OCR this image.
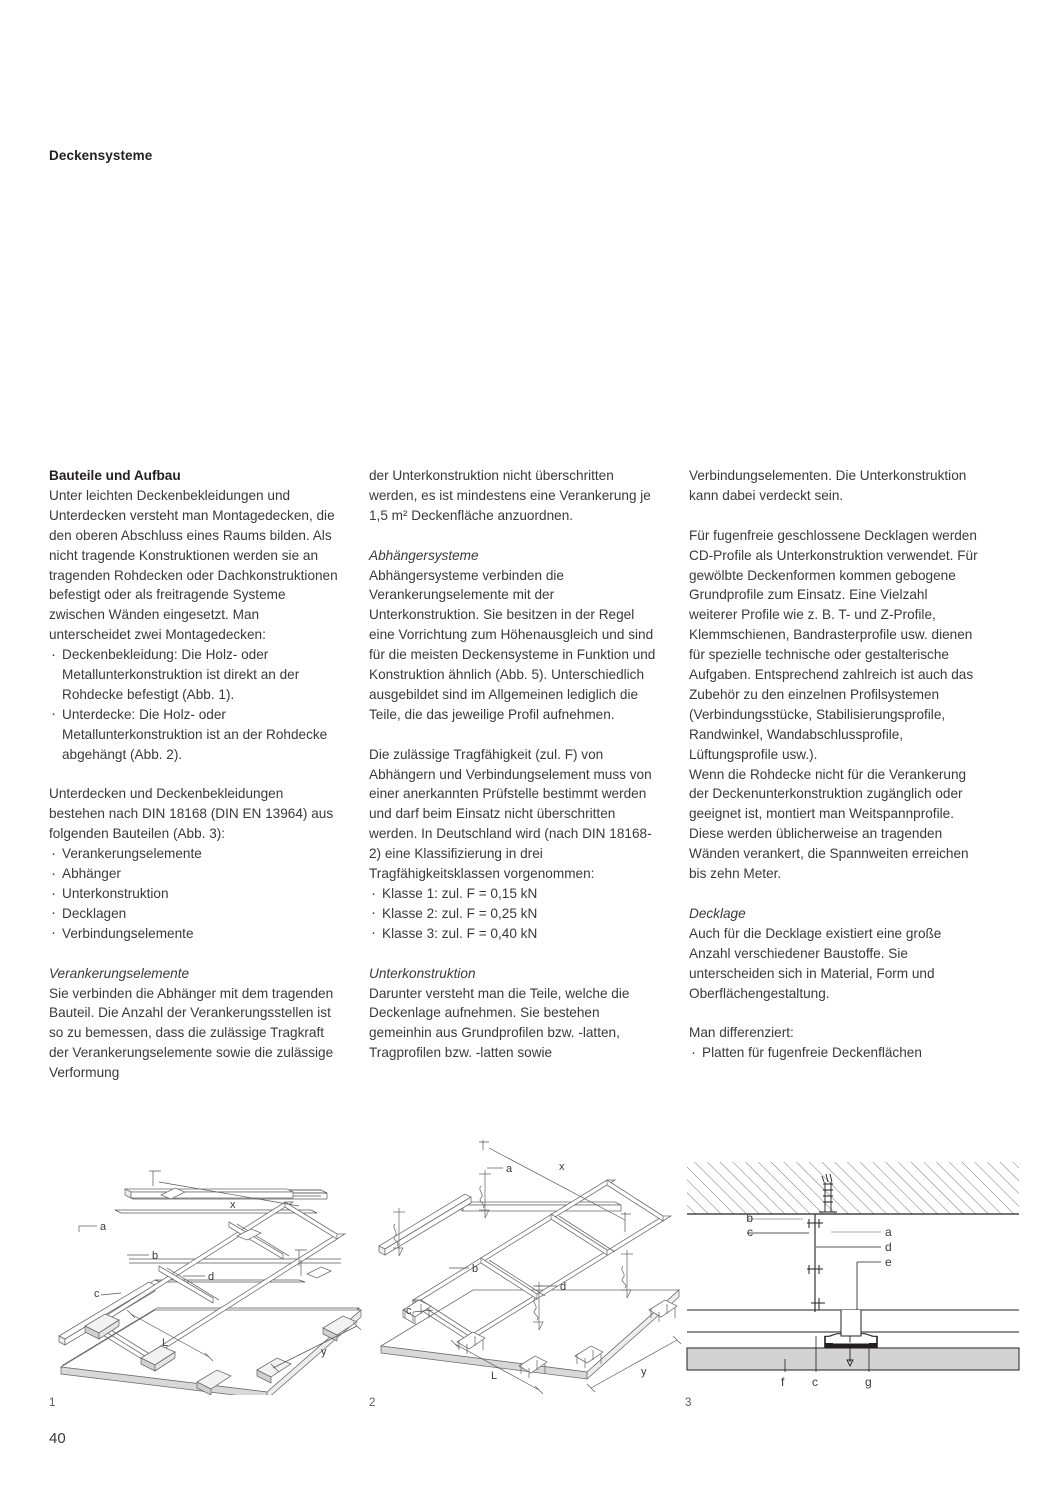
Deckensysteme

Bauteile und Aufbau

Unter leichten Deckenbekleidungen und Unterdecken versteht man Montagedecken, die den oberen Abschluss eines Raums bilden. Als nicht tragende Konstruktionen werden sie an tragenden Rohdecken oder Dachkonstruktionen befestigt oder als freitragende Systeme zwischen Wänden eingesetzt. Man unterscheidet zwei Montagedecken:

· Deckenbekleidung: Die Holz- oder Metallunterkonstruktion ist direkt an der Rohdecke befestigt (Abb. 1).
· Unterdecke: Die Holz- oder Metallunterkonstruktion ist an der Rohdecke abgehängt (Abb. 2).

Unterdecken und Deckenbekleidungen bestehen nach DIN 18168 (DIN EN 13964) aus folgenden Bauteilen (Abb. 3):

· Verankerungselemente
· Abhänger
· Unterkonstruktion
· Decklagen
· Verbindungselemente

Verankerungselemente

Sie verbinden die Abhänger mit dem tragenden Bauteil. Die Anzahl der Verankerungsstellen ist so zu bemessen, dass die zulässige Tragkraft der Verankerungselemente sowie die zulässige Verformung

der Unterkonstruktion nicht überschritten werden, es ist mindestens eine Verankerung je 1,5 m² Deckenfläche anzuordnen.

Abhängersysteme

Abhängersysteme verbinden die Verankerungselemente mit der Unterkonstruktion. Sie besitzen in der Regel eine Vorrichtung zum Höhenausgleich und sind für die meisten Deckensysteme in Funktion und Konstruktion ähnlich (Abb. 5). Unterschiedlich ausgebildet sind im Allgemeinen lediglich die Teile, die das jeweilige Profil aufnehmen.

Die zulässige Tragfähigkeit (zul. F) von Abhängern und Verbindungselement muss von einer anerkannten Prüfstelle bestimmt werden und darf beim Einsatz nicht überschritten werden. In Deutschland wird (nach DIN 18168-2) eine Klassifizierung in drei Tragfähigkeitsklassen vorgenommen:

· Klasse 1: zul. F = 0,15 kN
· Klasse 2: zul. F = 0,25 kN
· Klasse 3: zul. F = 0,40 kN

Unterkonstruktion

Darunter versteht man die Teile, welche die Deckenlage aufnehmen. Sie bestehen gemeinhin aus Grundprofilen bzw. -latten, Tragprofilen bzw. -latten sowie

Verbindungselementen. Die Unterkonstruktion kann dabei verdeckt sein.

Für fugenfreie geschlossene Decklagen werden CD-Profile als Unterkonstruktion verwendet. Für gewölbte Deckenformen kommen gebogene Grundprofile zum Einsatz. Eine Vielzahl weiterer Profile wie z. B. T- und Z-Profile, Klemmschienen, Bandrasterprofile usw. dienen für spezielle technische oder gestalterische Aufgaben. Entsprechend zahlreich ist auch das Zubehör zu den einzelnen Profilsystemen (Verbindungsstücke, Stabilisierungsprofile, Randwinkel, Wandabschlussprofile, Lüftungsprofile usw.).

Wenn die Rohdecke nicht für die Verankerung der Deckenunterkonstruktion zugänglich oder geeignet ist, montiert man Weitspannprofile. Diese werden üblicherweise an tragenden Wänden verankert, die Spannweiten erreichen bis zehn Meter.

Decklage

Auch für die Decklage existiert eine große Anzahl verschiedener Baustoffe. Sie unterscheiden sich in Material, Form und Oberflächengestaltung.

Man differenziert:

· Platten für fugenfreie Deckenflächen
a
b
c
d
x
y
L
a
b
c
d
x
y
L
b
c	a
d
e
f c	g
1	2	3
40
